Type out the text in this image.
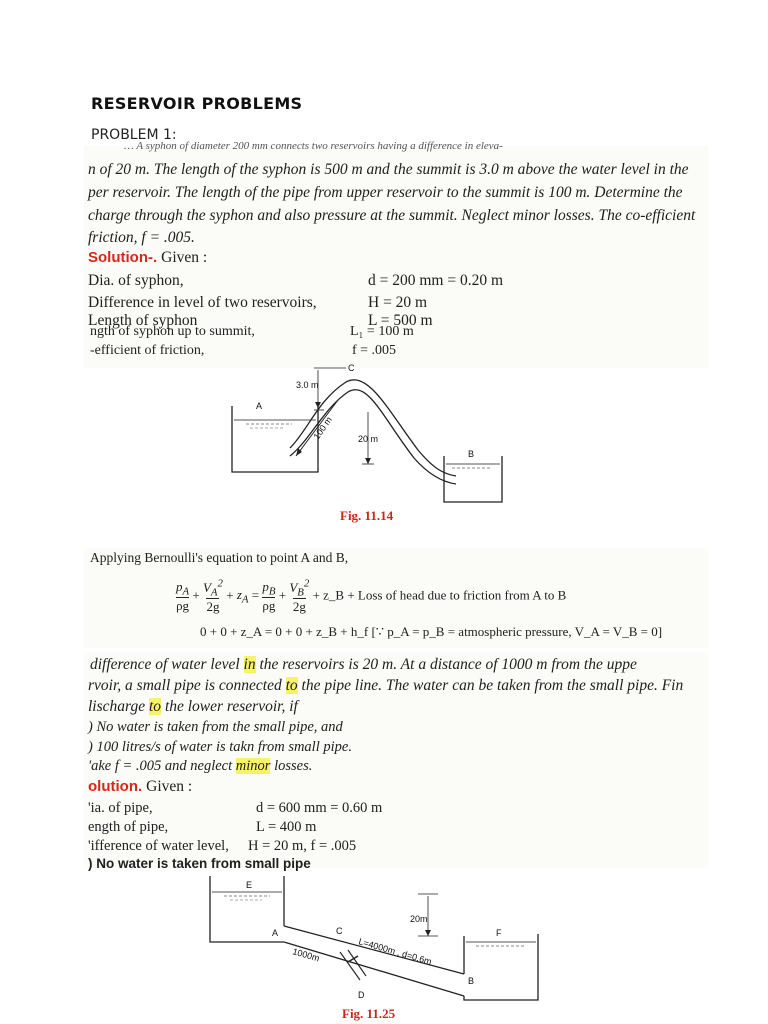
RESERVOIR PROBLEMS
PROBLEM 1:
… A syphon of diameter 200 mm connects two reservoirs having a difference in eleva-
n of 20 m. The length of the syphon is 500 m and the summit is 3.0 m above the water level in the
per reservoir. The length of the pipe from upper reservoir to the summit is 100 m. Determine the
charge through the syphon and also pressure at the summit. Neglect minor losses. The co-efficient
friction, f = .005.
Solution-. Given :
Dia. of syphon,	d = 200 mm = 0.20 m
Difference in level of two reservoirs,	H = 20 m
Length of syphon	L = 500 m
ngth of syphon up to summit,	L₁ = 100 m
-efficient of friction,	f = .005
A
B
C
3.0 m
20 m
100 m
Fig. 11.14
Applying Bernoulli's equation to point A and B,
$\frac{p_A}{\rho g} + \frac{V_A^2}{2g} + z_A = \frac{p_B}{\rho g} + \frac{V_B^2}{2g}$ + z_B + Loss of head due to friction from A to B
0 + 0 + z_A = 0 + 0 + z_B + h_f [∵ p_A = p_B = atmospheric pressure, V_A = V_B = 0]
difference of water level in the reservoirs is 20 m. At a distance of 1000 m from the uppe
rvoir, a small pipe is connected to the pipe line. The water can be taken from the small pipe. Fin
lischarge to the lower reservoir, if
) No water is taken from the small pipe, and
) 100 litres/s of water is takn from small pipe.
'ake f = .005 and neglect minor losses.
olution. Given :
'ia. of pipe,	d = 600 mm = 0.60 m
ength of pipe,	L = 400 m
'ifference of water level, H = 20 m, f = .005
) No water is taken from small pipe
E
A	C	F
B
D
20m
1000m	L=4000m , d=0.6m
Fig. 11.25
